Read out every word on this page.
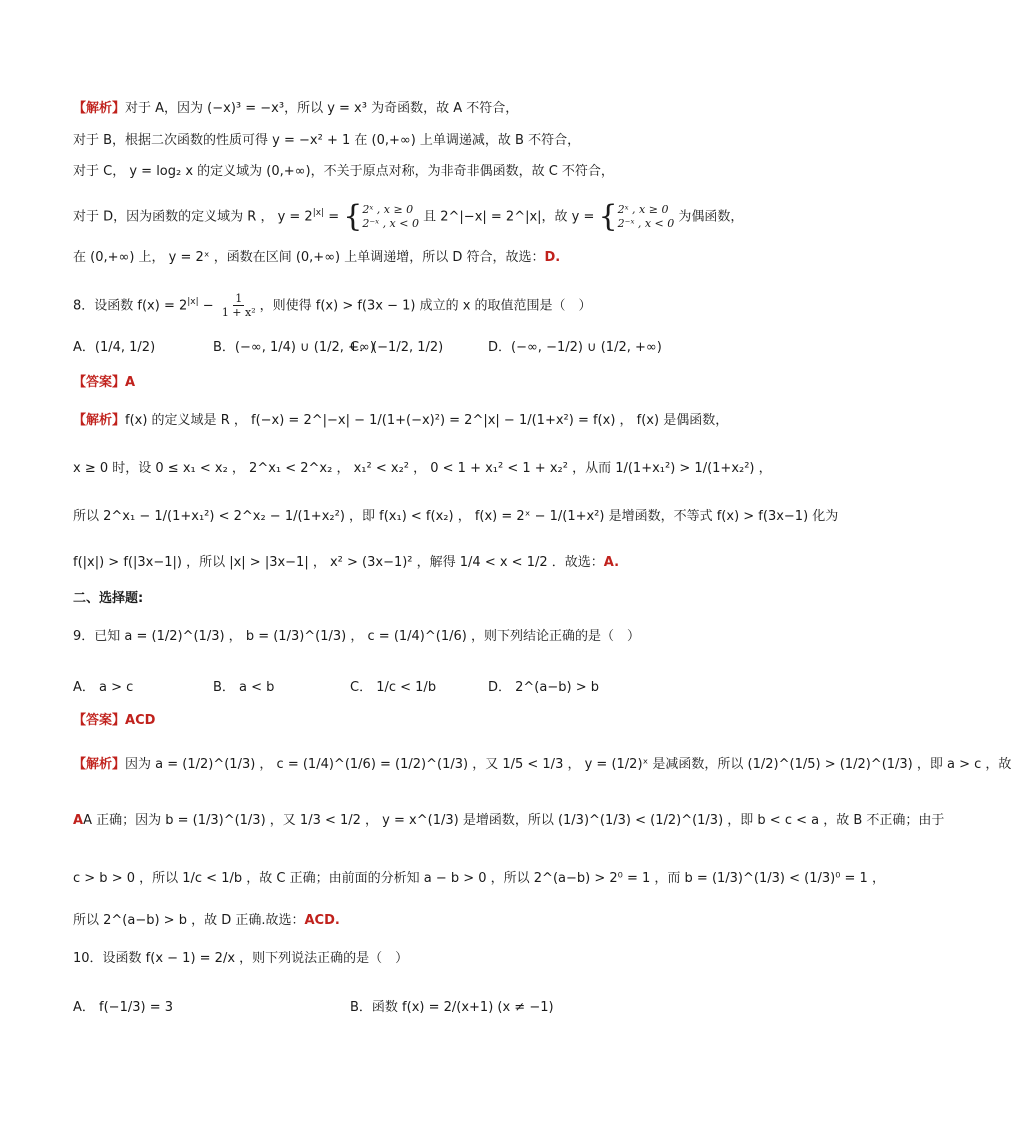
【解析】对于 A，因为 (−x)³ = −x³，所以 y = x³ 为奇函数，故 A 不符合，
对于 B，根据二次函数的性质可得 y = −x² + 1 在 (0,+∞) 上单调递减，故 B 不符合，
对于 C， y = log₂ x 的定义域为 (0,+∞)，不关于原点对称，为非奇非偶函数，故 C 不符合，
对于 D，因为函数的定义域为 R ， $y = 2^{|x|}$ = { 2ˣ , x ≥ 0
2⁻ˣ , x < 0 且 2^|−x| = 2^|x|，故 y = { 2ˣ , x ≥ 0
2⁻ˣ , x < 0 为偶函数，
在 (0,+∞) 上， y = 2ˣ ，函数在区间 (0,+∞) 上单调递增，所以 D 符合，故选：D.
8．设函数 $f(x) = 2^{|x|} - \frac{1}{\text{1 + x²}}$ ，则使得 f(x) > f(3x − 1) 成立的 x 的取值范围是（　）
A．(1/4, 1/2)	B．(−∞, 1/4) ∪ (1/2, +∞)
C．(−1/2, 1/2)	D．(−∞, −1/2) ∪ (1/2, +∞)
【答案】A
【解析】f(x) 的定义域是 R ， f(−x) = 2^|−x| − 1/(1+(−x)²) = 2^|x| − 1/(1+x²) = f(x) ， f(x) 是偶函数，
x ≥ 0 时，设 0 ≤ x₁ < x₂ ， 2^x₁ < 2^x₂ ， x₁² < x₂² ， 0 < 1 + x₁² < 1 + x₂² ，从而 1/(1+x₁²) > 1/(1+x₂²) ，
所以 2^x₁ − 1/(1+x₁²) < 2^x₂ − 1/(1+x₂²) ，即 f(x₁) < f(x₂) ， f(x) = 2ˣ − 1/(1+x²) 是增函数，不等式 f(x) > f(3x−1) 化为
f(|x|) > f(|3x−1|) ，所以 |x| > |3x−1| ， x² > (3x−1)² ，解得 1/4 < x < 1/2 ．故选：A.
二、选择题:
9．已知 a = (1/2)^(1/3) ， b = (1/3)^(1/3) ， c = (1/4)^(1/6) ，则下列结论正确的是（　）
A． a > c	B． a < b	C． 1/c < 1/b	D． 2^(a−b) > b
【答案】ACD
【解析】因为 a = (1/2)^(1/3) ， c = (1/4)^(1/6) = (1/2)^(1/3) ，又 1/5 < 1/3 ， y = (1/2)ˣ 是减函数，所以 (1/2)^(1/5) > (1/2)^(1/3) ，即 a > c ，故
AA 正确；因为 b = (1/3)^(1/3) ，又 1/3 < 1/2 ， y = x^(1/3) 是增函数，所以 (1/3)^(1/3) < (1/2)^(1/3) ，即 b < c < a ，故 B 不正确；由于
c > b > 0 ，所以 1/c < 1/b ，故 C 正确；由前面的分析知 a − b > 0 ，所以 2^(a−b) > 2⁰ = 1 ，而 b = (1/3)^(1/3) < (1/3)⁰ = 1 ，
所以 2^(a−b) > b ，故 D 正确.故选：ACD.
10．设函数 f(x − 1) = 2/x ，则下列说法正确的是（　）
A． f(−1/3) = 3	B．函数 f(x) = 2/(x+1) (x ≠ −1)
